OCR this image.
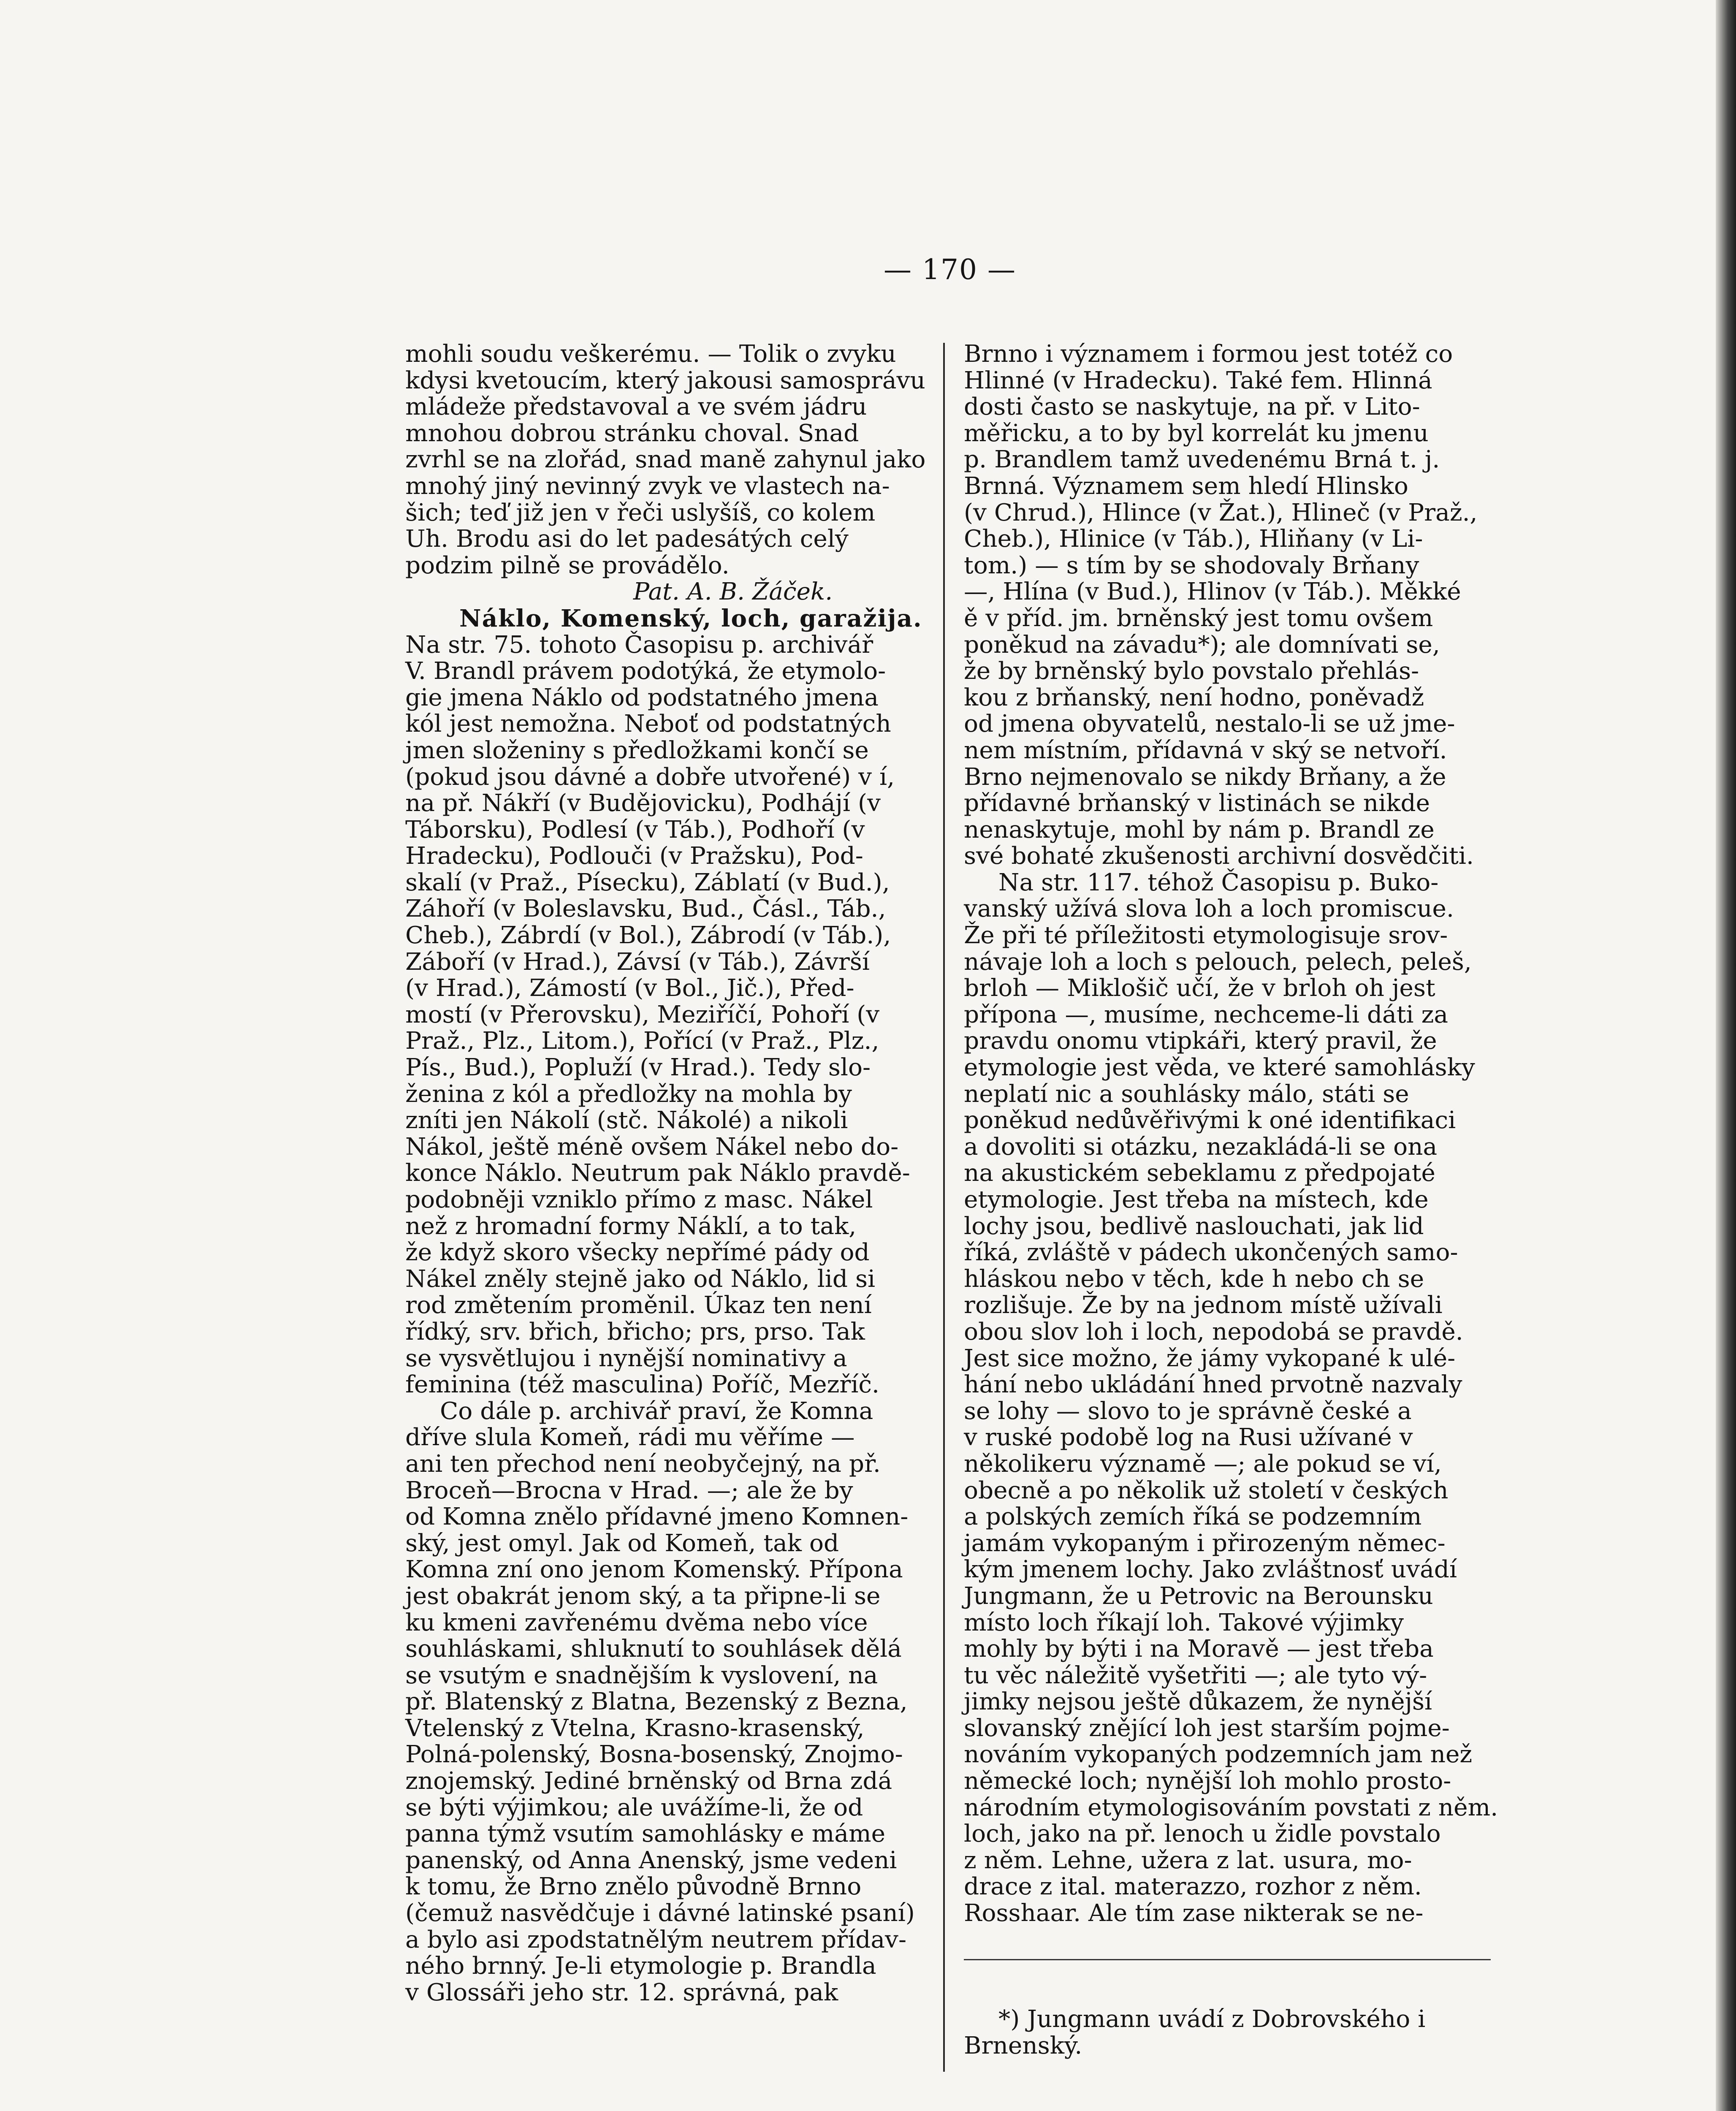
— 170 —
mohli soudu veškerému. — Tolik o zvyku
kdysi kvetoucím, který jakousi samosprávu
mládeže představoval a ve svém jádru
mnohou dobrou stránku choval. Snad
zvrhl se na zlořád, snad maně zahynul jako
mnohý jiný nevinný zvyk ve vlastech na-
šich; teď již jen v řeči uslyšíš, co kolem
Uh. Brodu asi do let padesátých celý
podzim pilně se provádělo.
Pat. A. B. Žáček.
Náklo, Komenský, loch, garažija.
Na str. 75. tohoto Časopisu p. archivář
V. Brandl právem podotýká, že etymolo-
gie jmena Náklo od podstatného jmena
kól jest nemožna. Neboť od podstatných
jmen složeniny s předložkami končí se
(pokud jsou dávné a dobře utvořené) v í,
na př. Nákří (v Budějovicku), Podhájí (v
Táborsku), Podlesí (v Táb.), Podhoří (v
Hradecku), Podlouči (v Pražsku), Pod-
skalí (v Praž., Písecku), Záblatí (v Bud.),
Záhoří (v Boleslavsku, Bud., Čásl., Táb.,
Cheb.), Zábrdí (v Bol.), Zábrodí (v Táb.),
Záboří (v Hrad.), Závsí (v Táb.), Závrší
(v Hrad.), Zámostí (v Bol., Jič.), Před-
mostí (v Přerovsku), Meziříčí, Pohoří (v
Praž., Plz., Litom.), Pořící (v Praž., Plz.,
Pís., Bud.), Popluží (v Hrad.). Tedy slo-
ženina z kól a předložky na mohla by
zníti jen Nákolí (stč. Nákolé) a nikoli
Nákol, ještě méně ovšem Nákel nebo do-
konce Náklo. Neutrum pak Náklo pravdě-
podobněji vzniklo přímo z masc. Nákel
než z hromadní formy Náklí, a to tak,
že když skoro všecky nepřímé pády od
Nákel zněly stejně jako od Náklo, lid si
rod změtením proměnil. Úkaz ten není
řídký, srv. břich, břicho; prs, prso. Tak
se vysvětlujou i nynější nominativy a
feminina (též masculina) Poříč, Mezříč.
Co dále p. archivář praví, že Komna
dříve slula Komeň, rádi mu věříme —
ani ten přechod není neobyčejný, na př.
Broceň—Brocna v Hrad. —; ale že by
od Komna znělo přídavné jmeno Komnen-
ský, jest omyl. Jak od Komeň, tak od
Komna zní ono jenom Komenský. Přípona
jest obakrát jenom ský, a ta připne-li se
ku kmeni zavřenému dvěma nebo více
souhláskami, shluknutí to souhlásek dělá
se vsutým e snadnějším k vyslovení, na
př. Blatenský z Blatna, Bezenský z Bezna,
Vtelenský z Vtelna, Krasno-krasenský,
Polná-polenský, Bosna-bosenský, Znojmo-
znojemský. Jediné brněnský od Brna zdá
se býti výjimkou; ale uvážíme-li, že od
panna týmž vsutím samohlásky e máme
panenský, od Anna Anenský, jsme vedeni
k tomu, že Brno znělo původně Brnno
(čemuž nasvědčuje i dávné latinské psaní)
a bylo asi zpodstatnělým neutrem přídav-
ného brnný. Je-li etymologie p. Brandla
v Glossáři jeho str. 12. správná, pak
Brnno i významem i formou jest totéž co
Hlinné (v Hradecku). Také fem. Hlinná
dosti často se naskytuje, na př. v Lito-
měřicku, a to by byl korrelát ku jmenu
p. Brandlem tamž uvedenému Brná t. j.
Brnná. Významem sem hledí Hlinsko
(v Chrud.), Hlince (v Žat.), Hlineč (v Praž.,
Cheb.), Hlinice (v Táb.), Hliňany (v Li-
tom.) — s tím by se shodovaly Brňany
—, Hlína (v Bud.), Hlinov (v Táb.). Měkké
ě v příd. jm. brněnský jest tomu ovšem
poněkud na závadu*); ale domnívati se,
že by brněnský bylo povstalo přehlás-
kou z brňanský, není hodno, poněvadž
od jmena obyvatelů, nestalo-li se už jme-
nem místním, přídavná v ský se netvoří.
Brno nejmenovalo se nikdy Brňany, a že
přídavné brňanský v listinách se nikde
nenaskytuje, mohl by nám p. Brandl ze
své bohaté zkušenosti archivní dosvědčiti.
Na str. 117. téhož Časopisu p. Buko-
vanský užívá slova loh a loch promiscue.
Že při té příležitosti etymologisuje srov-
návaje loh a loch s pelouch, pelech, peleš,
brloh — Miklošič učí, že v brloh oh jest
přípona —, musíme, nechceme-li dáti za
pravdu onomu vtipkáři, který pravil, že
etymologie jest věda, ve které samohlásky
neplatí nic a souhlásky málo, státi se
poněkud nedůvěřivými k oné identifikaci
a dovoliti si otázku, nezakládá-li se ona
na akustickém sebeklamu z předpojaté
etymologie. Jest třeba na místech, kde
lochy jsou, bedlivě naslouchati, jak lid
říká, zvláště v pádech ukončených samo-
hláskou nebo v těch, kde h nebo ch se
rozlišuje. Že by na jednom místě užívali
obou slov loh i loch, nepodobá se pravdě.
Jest sice možno, že jámy vykopané k ulé-
hání nebo ukládání hned prvotně nazvaly
se lohy — slovo to je správně české a
v ruské podobě log na Rusi užívané v
několikeru významě —; ale pokud se ví,
obecně a po několik už století v českých
a polských zemích říká se podzemním
jamám vykopaným i přirozeným němec-
kým jmenem lochy. Jako zvláštnosť uvádí
Jungmann, že u Petrovic na Berounsku
místo loch říkají loh. Takové výjimky
mohly by býti i na Moravě — jest třeba
tu věc náležitě vyšetřiti —; ale tyto vý-
jimky nejsou ještě důkazem, že nynější
slovanský znějící loh jest starším pojme-
nováním vykopaných podzemních jam než
německé loch; nynější loh mohlo prosto-
národním etymologisováním povstati z něm.
loch, jako na př. lenoch u židle povstalo
z něm. Lehne, užera z lat. usura, mo-
drace z ital. materazzo, rozhor z něm.
Rosshaar. Ale tím zase nikterak se ne-
*) Jungmann uvádí z Dobrovského i
Brnenský.
